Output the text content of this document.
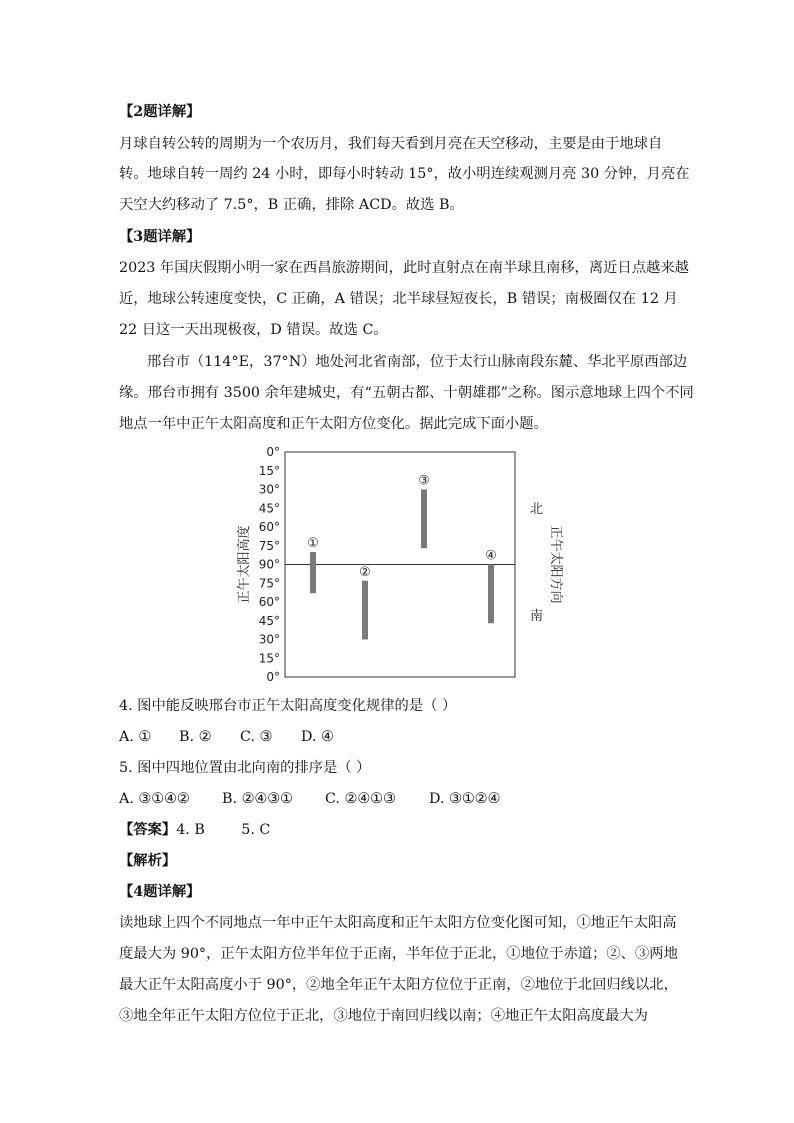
【2题详解】
月球自转公转的周期为一个农历月，我们每天看到月亮在天空移动，主要是由于地球自
转。地球自转一周约 24 小时，即每小时转动 15°，故小明连续观测月亮 30 分钟，月亮在
天空大约移动了 7.5°，B 正确，排除 ACD。故选 B。
【3题详解】
2023 年国庆假期小明一家在西昌旅游期间，此时直射点在南半球且南移，离近日点越来越
近，地球公转速度变快，C 正确，A 错误；北半球昼短夜长，B 错误；南极圈仅在 12 月
22 日这一天出现极夜，D 错误。故选 C。
邢台市（114°E，37°N）地处河北省南部，位于太行山脉南段东麓、华北平原西部边
缘。邢台市拥有 3500 余年建城史，有“五朝古都、十朝雄郡”之称。图示意地球上四个不同
地点一年中正午太阳高度和正午太阳方位变化。据此完成下面小题。
0°
15°
30°
45°
60°
75°
90°
75°
60°
45°
30°
15°
0°
①
②
③
④
正午太阳高度	正午太阳方向
北
南
4. 图中能反映邢台市正午太阳高度变化规律的是（ ）
A. ① B. ② C. ③ D. ④
5. 图中四地位置由北向南的排序是（ ）
A. ③①④② B. ②④③① C. ②④①③ D. ③①②④
【答案】4. B        5. C
【解析】
【4题详解】
读地球上四个不同地点一年中正午太阳高度和正午太阳方位变化图可知，①地正午太阳高
度最大为 90°，正午太阳方位半年位于正南，半年位于正北，①地位于赤道；②、③两地
最大正午太阳高度小于 90°，②地全年正午太阳方位位于正南，②地位于北回归线以北，
③地全年正午太阳方位位于正北，③地位于南回归线以南；④地正午太阳高度最大为
